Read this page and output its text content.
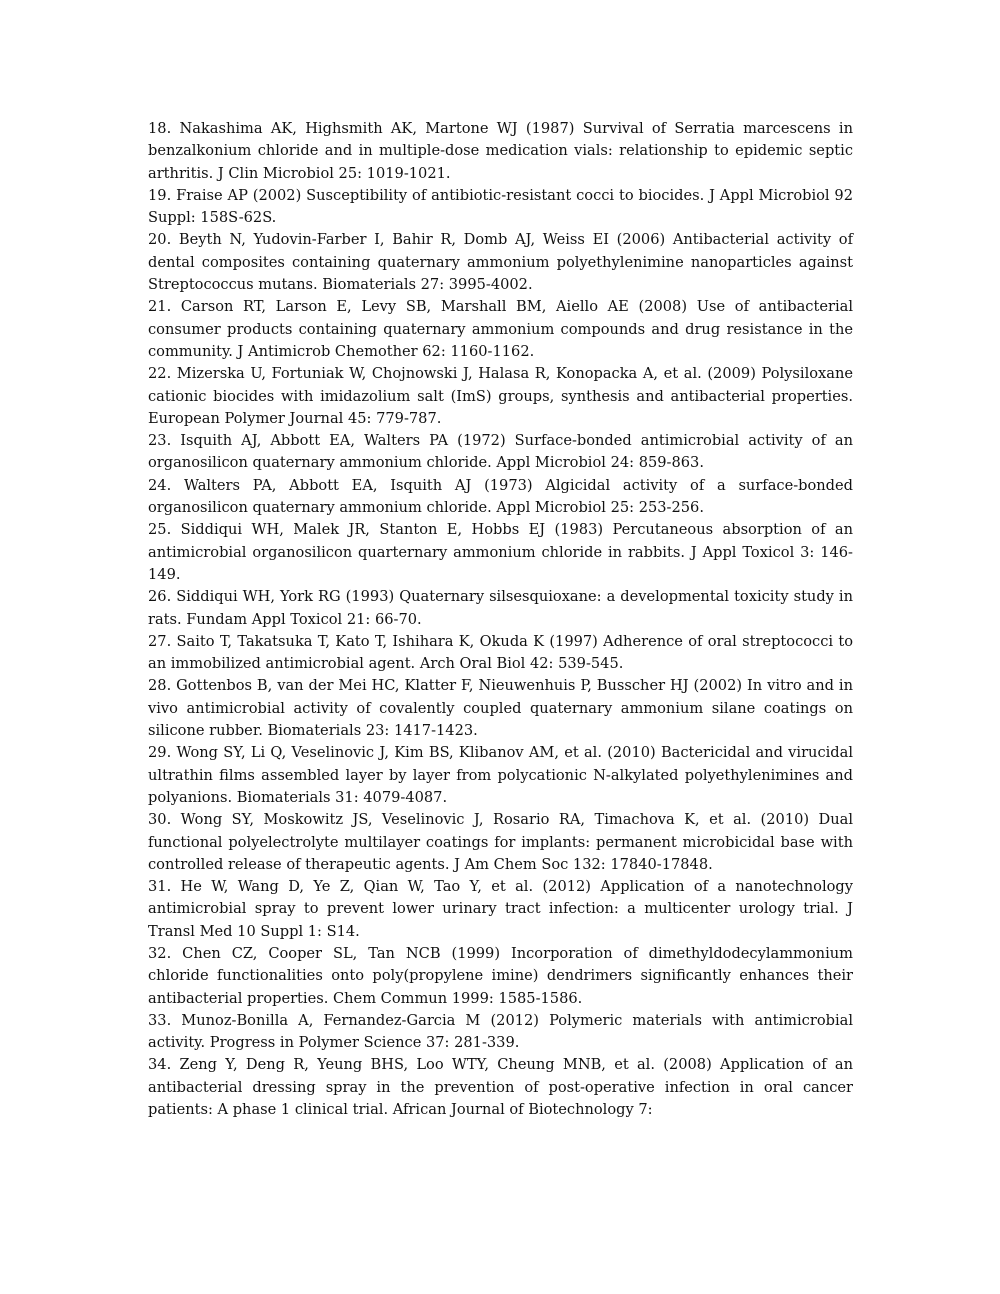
18. Nakashima AK, Highsmith AK, Martone WJ (1987) Survival of Serratia marcescens in benzalkonium chloride and in multiple-dose medication vials: relationship to epidemic septic arthritis. J Clin Microbiol 25: 1019-1021.

19. Fraise AP (2002) Susceptibility of antibiotic-resistant cocci to biocides. J Appl Microbiol 92 Suppl: 158S-62S.

20. Beyth N, Yudovin-Farber I, Bahir R, Domb AJ, Weiss EI (2006) Antibacterial activity of dental composites containing quaternary ammonium polyethylenimine nanoparticles against Streptococcus mutans. Biomaterials 27: 3995-4002.

21. Carson RT, Larson E, Levy SB, Marshall BM, Aiello AE (2008) Use of antibacterial consumer products containing quaternary ammonium compounds and drug resistance in the community. J Antimicrob Chemother 62: 1160-1162.

22. Mizerska U, Fortuniak W, Chojnowski J, Halasa R, Konopacka A, et al. (2009) Polysiloxane cationic biocides with imidazolium salt (ImS) groups, synthesis and antibacterial properties. European Polymer Journal 45: 779-787.

23. Isquith AJ, Abbott EA, Walters PA (1972) Surface-bonded antimicrobial activity of an organosilicon quaternary ammonium chloride. Appl Microbiol 24: 859-863.

24. Walters PA, Abbott EA, Isquith AJ (1973) Algicidal activity of a surface-bonded organosilicon quaternary ammonium chloride. Appl Microbiol 25: 253-256.

25. Siddiqui WH, Malek JR, Stanton E, Hobbs EJ (1983) Percutaneous absorption of an antimicrobial organosilicon quarternary ammonium chloride in rabbits. J Appl Toxicol 3: 146-149.

26. Siddiqui WH, York RG (1993) Quaternary silsesquioxane: a developmental toxicity study in rats. Fundam Appl Toxicol 21: 66-70.

27. Saito T, Takatsuka T, Kato T, Ishihara K, Okuda K (1997) Adherence of oral streptococci to an immobilized antimicrobial agent. Arch Oral Biol 42: 539-545.

28. Gottenbos B, van der Mei HC, Klatter F, Nieuwenhuis P, Busscher HJ (2002) In vitro and in vivo antimicrobial activity of covalently coupled quaternary ammonium silane coatings on silicone rubber. Biomaterials 23: 1417-1423.

29. Wong SY, Li Q, Veselinovic J, Kim BS, Klibanov AM, et al. (2010) Bactericidal and virucidal ultrathin films assembled layer by layer from polycationic N-alkylated polyethylenimines and polyanions. Biomaterials 31: 4079-4087.

30. Wong SY, Moskowitz JS, Veselinovic J, Rosario RA, Timachova K, et al. (2010) Dual functional polyelectrolyte multilayer coatings for implants: permanent microbicidal base with controlled release of therapeutic agents. J Am Chem Soc 132: 17840-17848.

31. He W, Wang D, Ye Z, Qian W, Tao Y, et al. (2012) Application of a nanotechnology antimicrobial spray to prevent lower urinary tract infection: a multicenter urology trial. J Transl Med 10 Suppl 1: S14.

32. Chen CZ, Cooper SL, Tan NCB (1999) Incorporation of dimethyldodecylammonium chloride functionalities onto poly(propylene imine) dendrimers significantly enhances their antibacterial properties. Chem Commun 1999: 1585-1586.

33. Munoz-Bonilla A, Fernandez-Garcia M (2012) Polymeric materials with antimicrobial activity. Progress in Polymer Science 37: 281-339.

34. Zeng Y, Deng R, Yeung BHS, Loo WTY, Cheung MNB, et al. (2008) Application of an antibacterial dressing spray in the prevention of post-operative infection in oral cancer patients: A phase 1 clinical trial. African Journal of Biotechnology 7:
